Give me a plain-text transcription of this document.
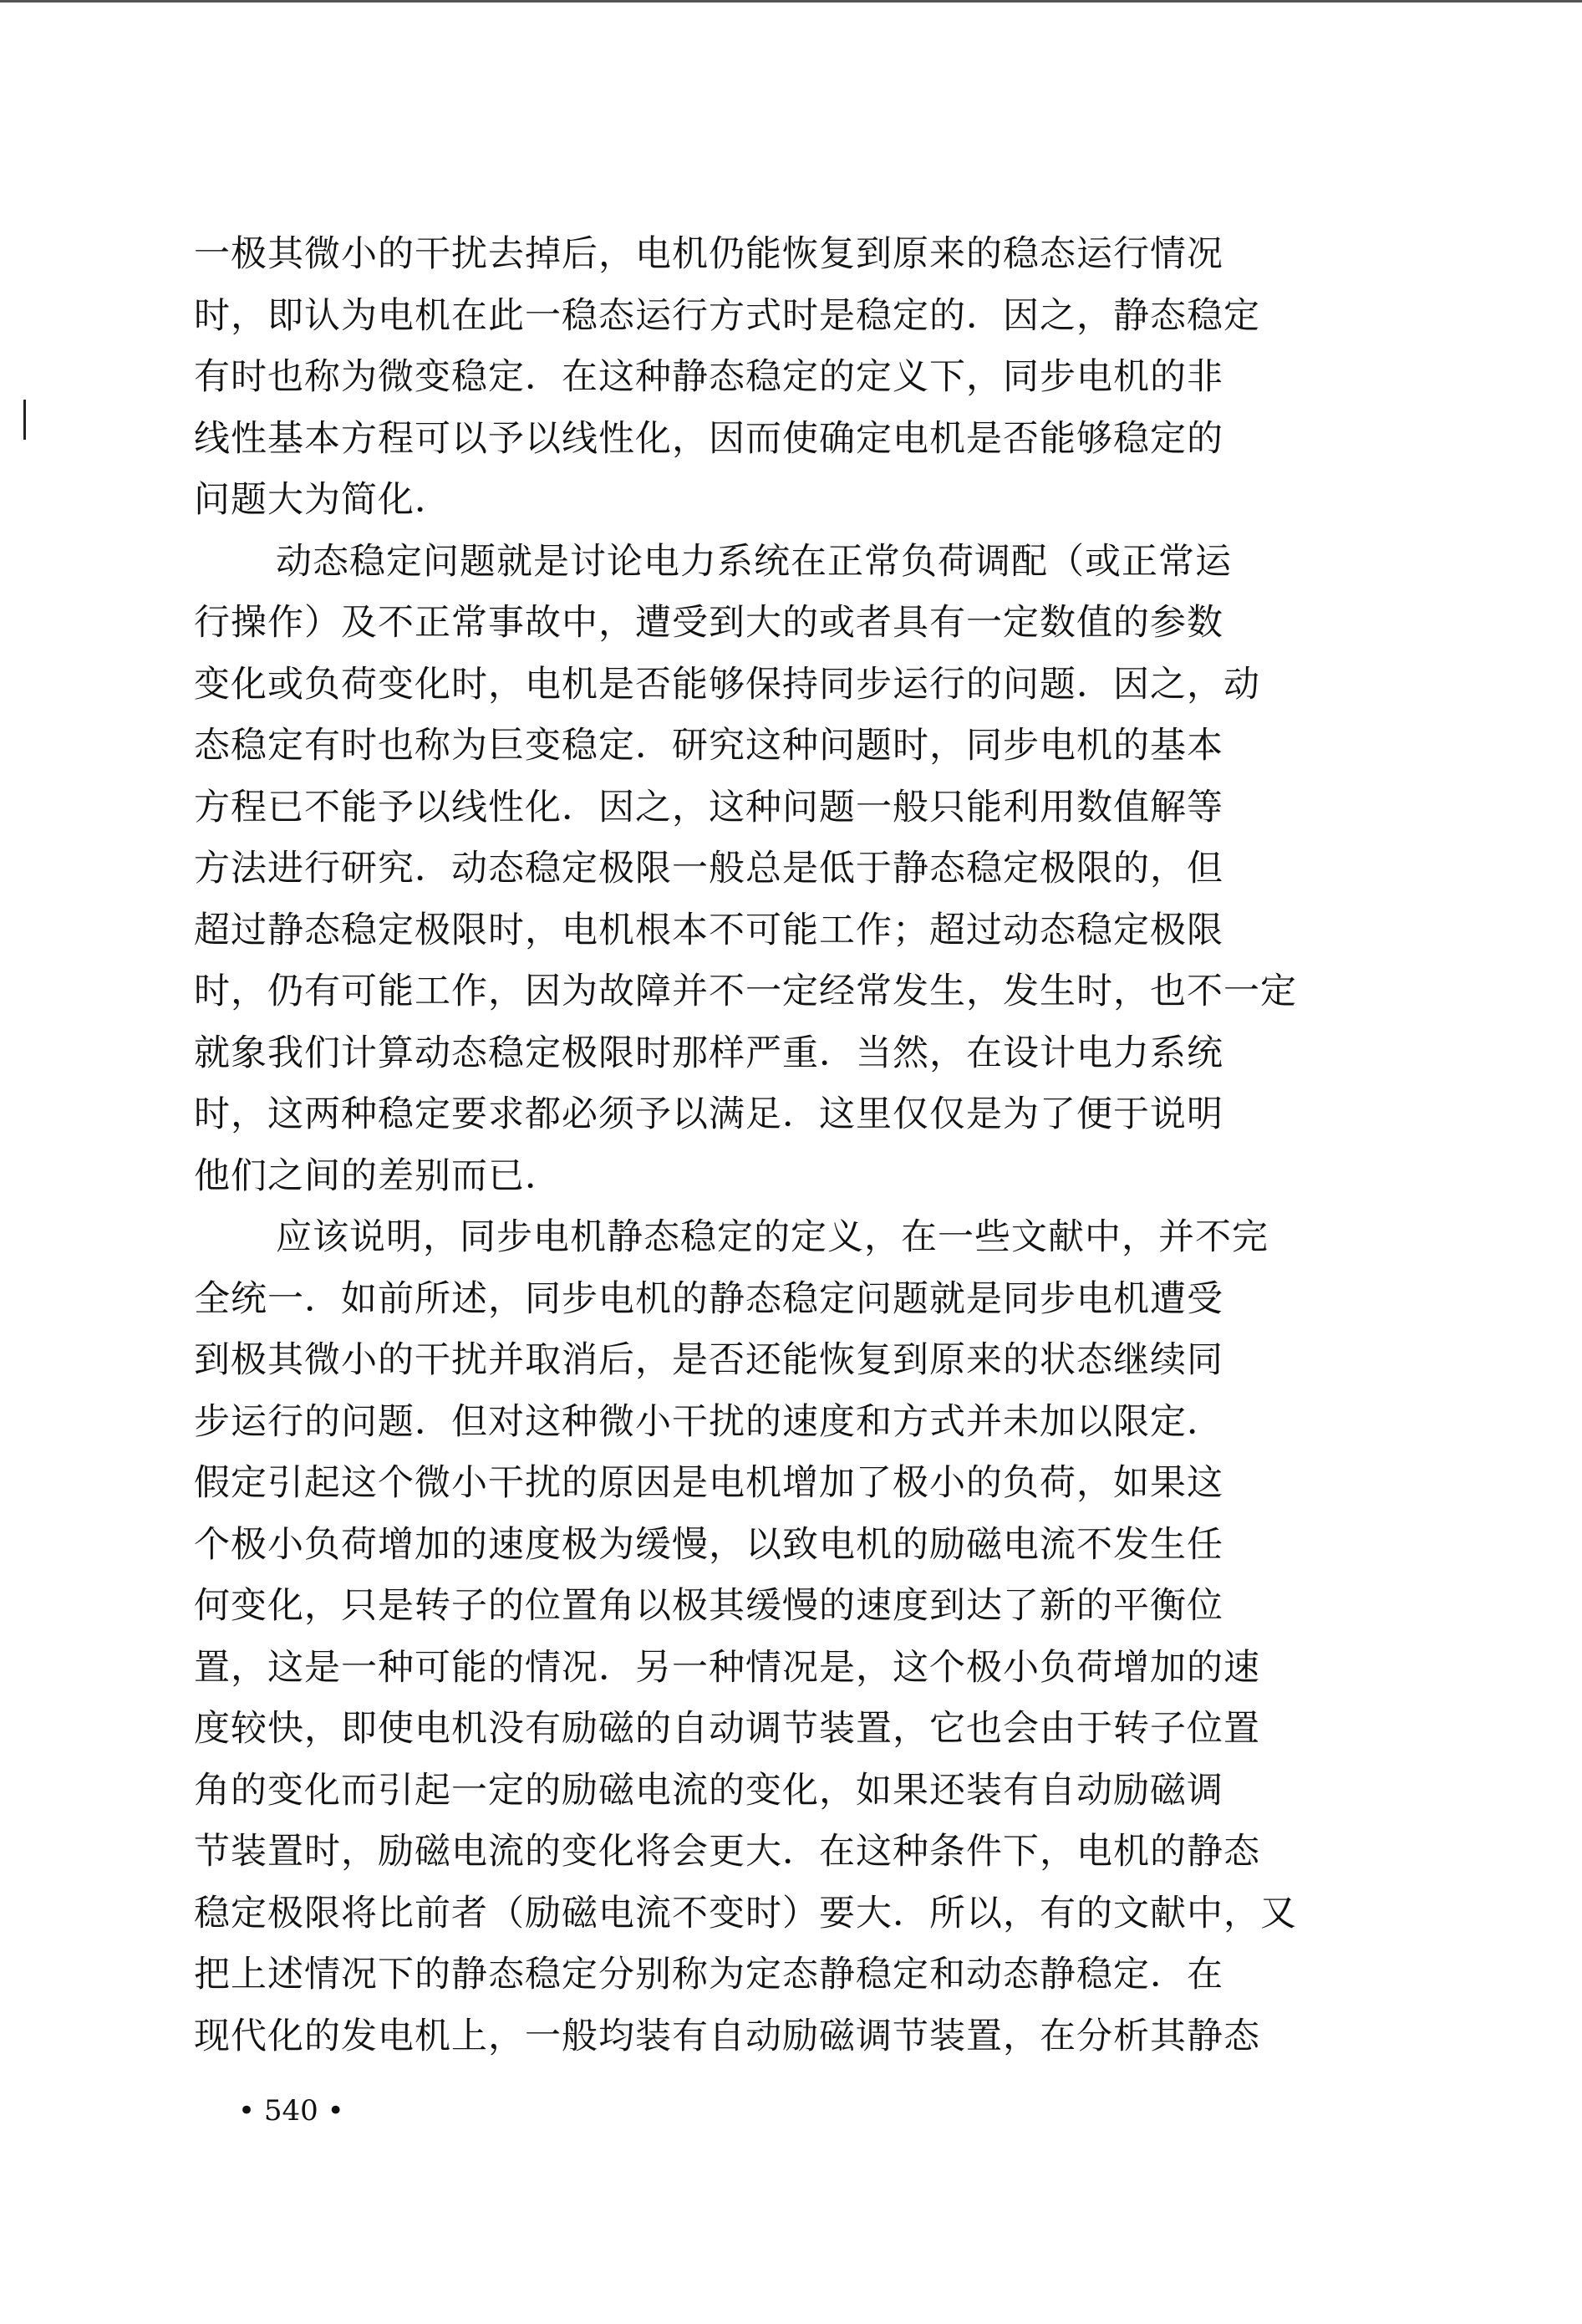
一极其微小的干扰去掉后，电机仍能恢复到原来的稳态运行情况
时，即认为电机在此一稳态运行方式时是稳定的．因之，静态稳定
有时也称为微变稳定．在这种静态稳定的定义下，同步电机的非
线性基本方程可以予以线性化，因而使确定电机是否能够稳定的
问题大为简化．
动态稳定问题就是讨论电力系统在正常负荷调配（或正常运
行操作）及不正常事故中，遭受到大的或者具有一定数值的参数
变化或负荷变化时，电机是否能够保持同步运行的问题．因之，动
态稳定有时也称为巨变稳定．研究这种问题时，同步电机的基本
方程已不能予以线性化．因之，这种问题一般只能利用数值解等
方法进行研究．动态稳定极限一般总是低于静态稳定极限的，但
超过静态稳定极限时，电机根本不可能工作；超过动态稳定极限
时，仍有可能工作，因为故障并不一定经常发生，发生时，也不一定
就象我们计算动态稳定极限时那样严重．当然，在设计电力系统
时，这两种稳定要求都必须予以满足．这里仅仅是为了便于说明
他们之间的差别而已．
应该说明，同步电机静态稳定的定义，在一些文献中，并不完
全统一．如前所述，同步电机的静态稳定问题就是同步电机遭受
到极其微小的干扰并取消后，是否还能恢复到原来的状态继续同
步运行的问题．但对这种微小干扰的速度和方式并未加以限定．
假定引起这个微小干扰的原因是电机增加了极小的负荷，如果这
个极小负荷增加的速度极为缓慢，以致电机的励磁电流不发生任
何变化，只是转子的位置角以极其缓慢的速度到达了新的平衡位
置，这是一种可能的情况．另一种情况是，这个极小负荷增加的速
度较快，即使电机没有励磁的自动调节装置，它也会由于转子位置
角的变化而引起一定的励磁电流的变化，如果还装有自动励磁调
节装置时，励磁电流的变化将会更大．在这种条件下，电机的静态
稳定极限将比前者（励磁电流不变时）要大．所以，有的文献中，又
把上述情况下的静态稳定分别称为定态静稳定和动态静稳定．在
现代化的发电机上，一般均装有自动励磁调节装置，在分析其静态
• 540 •
